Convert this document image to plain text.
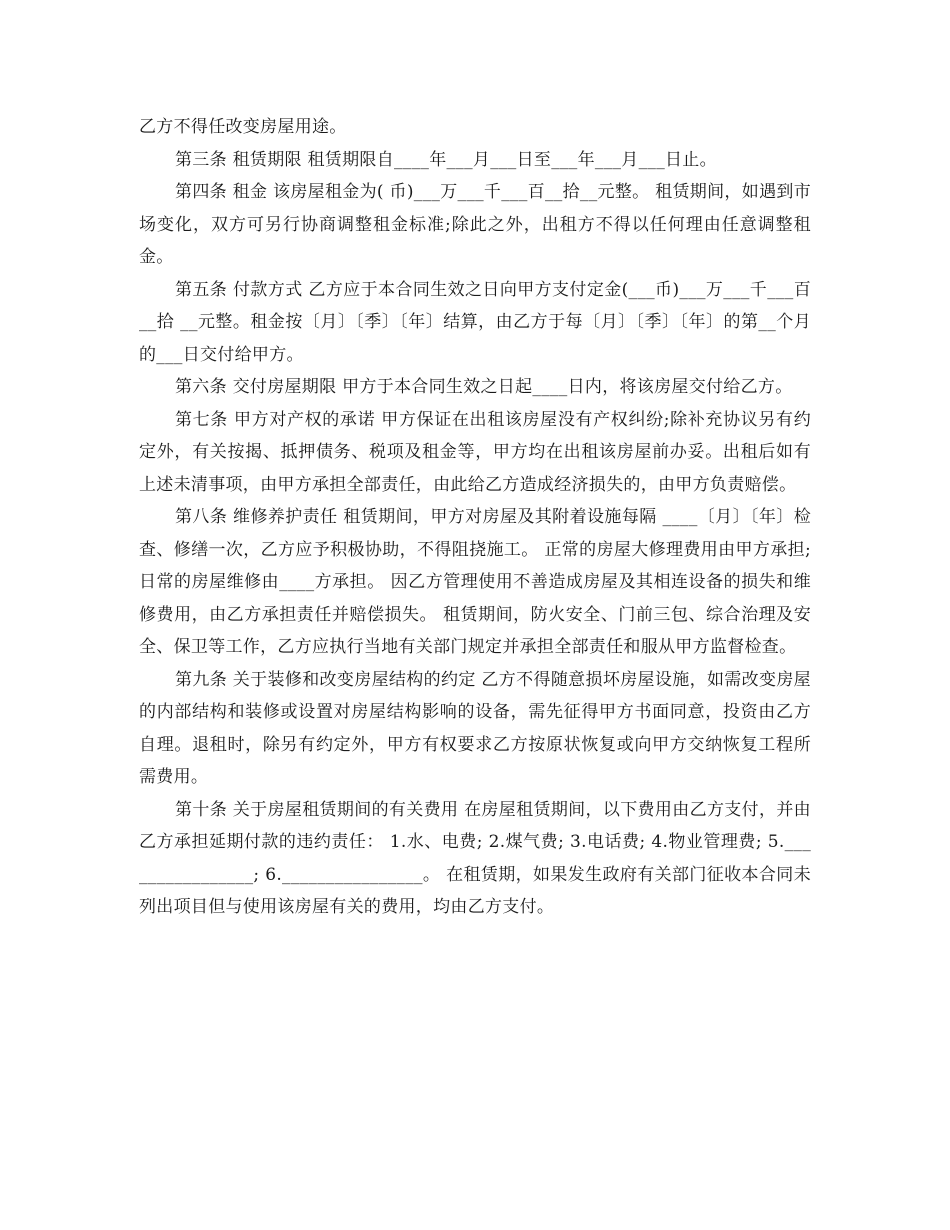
乙方不得任改变房屋用途。

第三条 租赁期限 租赁期限自____年___月___日至___年___月___日止。

第四条 租金 该房屋租金为( 币)___万___千___百__拾__元整。 租赁期间，如遇到市场变化，双方可另行协商调整租金标准;除此之外，出租方不得以任何理由任意调整租金。

第五条 付款方式 乙方应于本合同生效之日向甲方支付定金(___币)___万___千___百__拾 __元整。租金按〔月〕〔季〕〔年〕结算，由乙方于每〔月〕〔季〕〔年〕的第__个月的___日交付给甲方。

第六条 交付房屋期限 甲方于本合同生效之日起____日内，将该房屋交付给乙方。

第七条 甲方对产权的承诺 甲方保证在出租该房屋没有产权纠纷;除补充协议另有约定外，有关按揭、抵押债务、税项及租金等，甲方均在出租该房屋前办妥。出租后如有上述未清事项，由甲方承担全部责任，由此给乙方造成经济损失的，由甲方负责赔偿。

第八条 维修养护责任 租赁期间，甲方对房屋及其附着设施每隔 ____〔月〕〔年〕检查、修缮一次，乙方应予积极协助，不得阻挠施工。 正常的房屋大修理费用由甲方承担;日常的房屋维修由____方承担。 因乙方管理使用不善造成房屋及其相连设备的损失和维修费用，由乙方承担责任并赔偿损失。 租赁期间，防火安全、门前三包、综合治理及安全、保卫等工作，乙方应执行当地有关部门规定并承担全部责任和服从甲方监督检查。

第九条 关于装修和改变房屋结构的约定 乙方不得随意损坏房屋设施，如需改变房屋的内部结构和装修或设置对房屋结构影响的设备，需先征得甲方书面同意，投资由乙方自理。退租时，除另有约定外，甲方有权要求乙方按原状恢复或向甲方交纳恢复工程所需费用。

第十条 关于房屋租赁期间的有关费用 在房屋租赁期间，以下费用由乙方支付，并由乙方承担延期付款的违约责任： 1.水、电费; 2.煤气费; 3.电话费; 4.物业管理费; 5.________________; 6.________________。 在租赁期，如果发生政府有关部门征收本合同未列出项目但与使用该房屋有关的费用，均由乙方支付。
